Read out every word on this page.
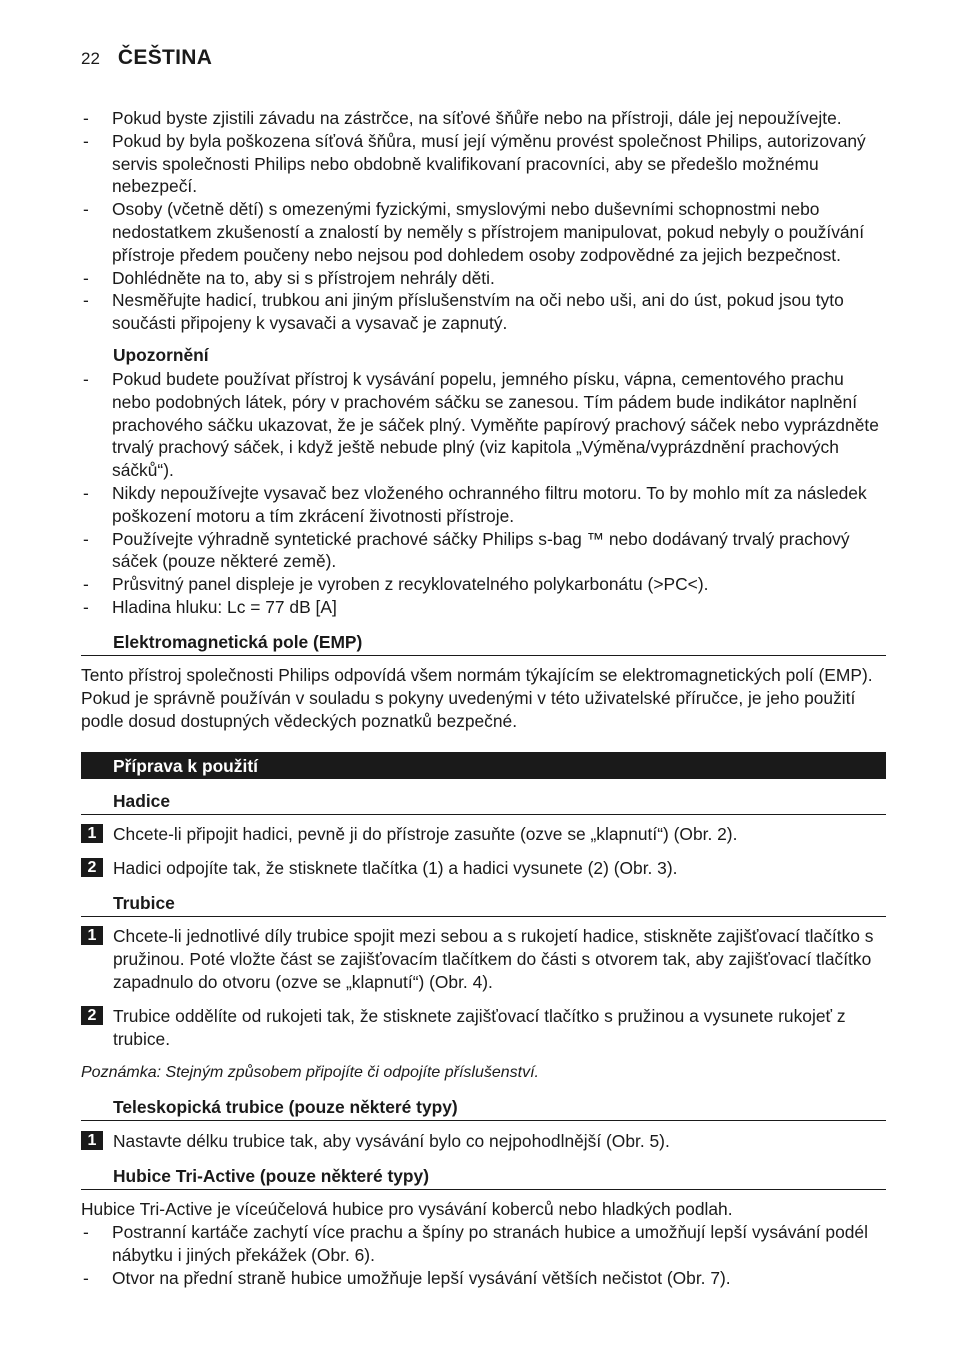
22 ČEŠTINA
- Pokud byste zjistili závadu na zástrčce, na síťové šňůře nebo na přístroji, dále jej nepoužívejte.
- Pokud by byla poškozena síťová šňůra, musí její výměnu provést společnost Philips, autorizovaný servis společnosti Philips nebo obdobně kvalifikovaní pracovníci, aby se předešlo možnému nebezpečí.
- Osoby (včetně dětí) s omezenými fyzickými, smyslovými nebo duševními schopnostmi nebo nedostatkem zkušeností a znalostí by neměly s přístrojem manipulovat, pokud nebyly o používání přístroje předem poučeny nebo nejsou pod dohledem osoby zodpovědné za jejich bezpečnost.
- Dohlédněte na to, aby si s přístrojem nehrály děti.
- Nesměřujte hadicí, trubkou ani jiným příslušenstvím na oči nebo uši, ani do úst, pokud jsou tyto součásti připojeny k vysavači a vysavač je zapnutý.
Upozornění
- Pokud budete používat přístroj k vysávání popelu, jemného písku, vápna, cementového prachu nebo podobných látek, póry v prachovém sáčku se zanesou. Tím pádem bude indikátor naplnění prachového sáčku ukazovat, že je sáček plný. Vyměňte papírový prachový sáček nebo vyprázdněte trvalý prachový sáček, i když ještě nebude plný (viz kapitola „Výměna/vyprázdnění prachových sáčků“).
- Nikdy nepoužívejte vysavač bez vloženého ochranného filtru motoru. To by mohlo mít za následek poškození motoru a tím zkrácení životnosti přístroje.
- Používejte výhradně syntetické prachové sáčky Philips s-bag ™ nebo dodávaný trvalý prachový sáček (pouze některé země).
- Průsvitný panel displeje je vyroben z recyklovatelného polykarbonátu (>PC<).
- Hladina hluku: Lc = 77 dB [A]
Elektromagnetická pole (EMP)
Tento přístroj společnosti Philips odpovídá všem normám týkajícím se elektromagnetických polí (EMP). Pokud je správně používán v souladu s pokyny uvedenými v této uživatelské příručce, je jeho použití podle dosud dostupných vědeckých poznatků bezpečné.
Příprava k použití
Hadice
1 Chcete-li připojit hadici, pevně ji do přístroje zasuňte (ozve se „klapnutí“) (Obr. 2).
2 Hadici odpojíte tak, že stisknete tlačítka (1) a hadici vysunete (2) (Obr. 3).
Trubice
1 Chcete-li jednotlivé díly trubice spojit mezi sebou a s rukojetí hadice, stiskněte zajišťovací tlačítko s pružinou. Poté vložte část se zajišťovacím tlačítkem do části s otvorem tak, aby zajišťovací tlačítko zapadnulo do otvoru (ozve se „klapnutí“) (Obr. 4).
2 Trubice oddělíte od rukojeti tak, že stisknete zajišťovací tlačítko s pružinou a vysunete rukojeť z trubice.
Poznámka: Stejným způsobem připojíte či odpojíte příslušenství.
Teleskopická trubice (pouze některé typy)
1 Nastavte délku trubice tak, aby vysávání bylo co nejpohodlnější (Obr. 5).
Hubice Tri-Active (pouze některé typy)
Hubice Tri-Active je víceúčelová hubice pro vysávání koberců nebo hladkých podlah.
- Postranní kartáče zachytí více prachu a špíny po stranách hubice a umožňují lepší vysávání podél nábytku i jiných překážek (Obr. 6).
- Otvor na přední straně hubice umožňuje lepší vysávání větších nečistot (Obr. 7).
